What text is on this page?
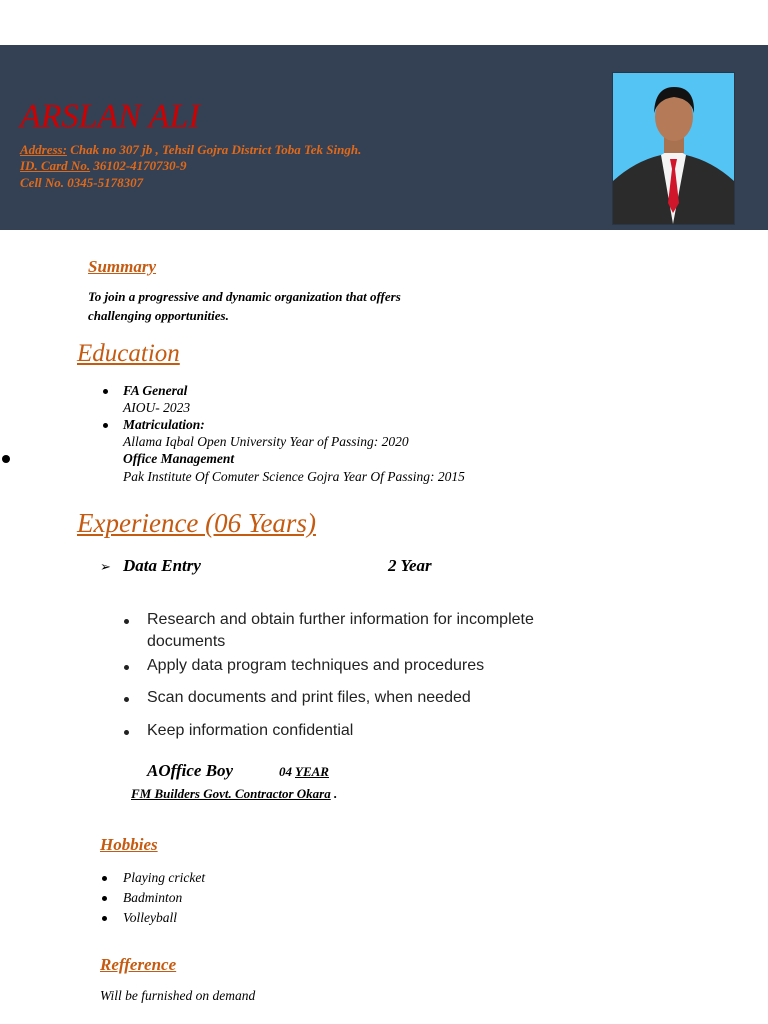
ARSLAN ALI
Address: Chak no 307 jb , Tehsil Gojra District Toba Tek Singh.
ID. Card No. 36102-4170730-9
Cell No. 0345-5178307
Summary
To join a progressive and dynamic organization that offers
challenging opportunities.
Education
FA General
AIOU- 2023
Matriculation:
Allama Iqbal Open University Year of Passing: 2020
Office Management
Pak Institute Of Comuter Science Gojra Year Of Passing: 2015
Experience (06 Years)
➢ Data Entry	2 Year
Research and obtain further information for incomplete
documents
Apply data program techniques and procedures
Scan documents and print files, when needed
Keep information confidential
AOffice Boy	04 YEAR
FM Builders Govt. Contractor Okara .
Hobbies
Playing cricket
Badminton
Volleyball
Refference
Will be furnished on demand
